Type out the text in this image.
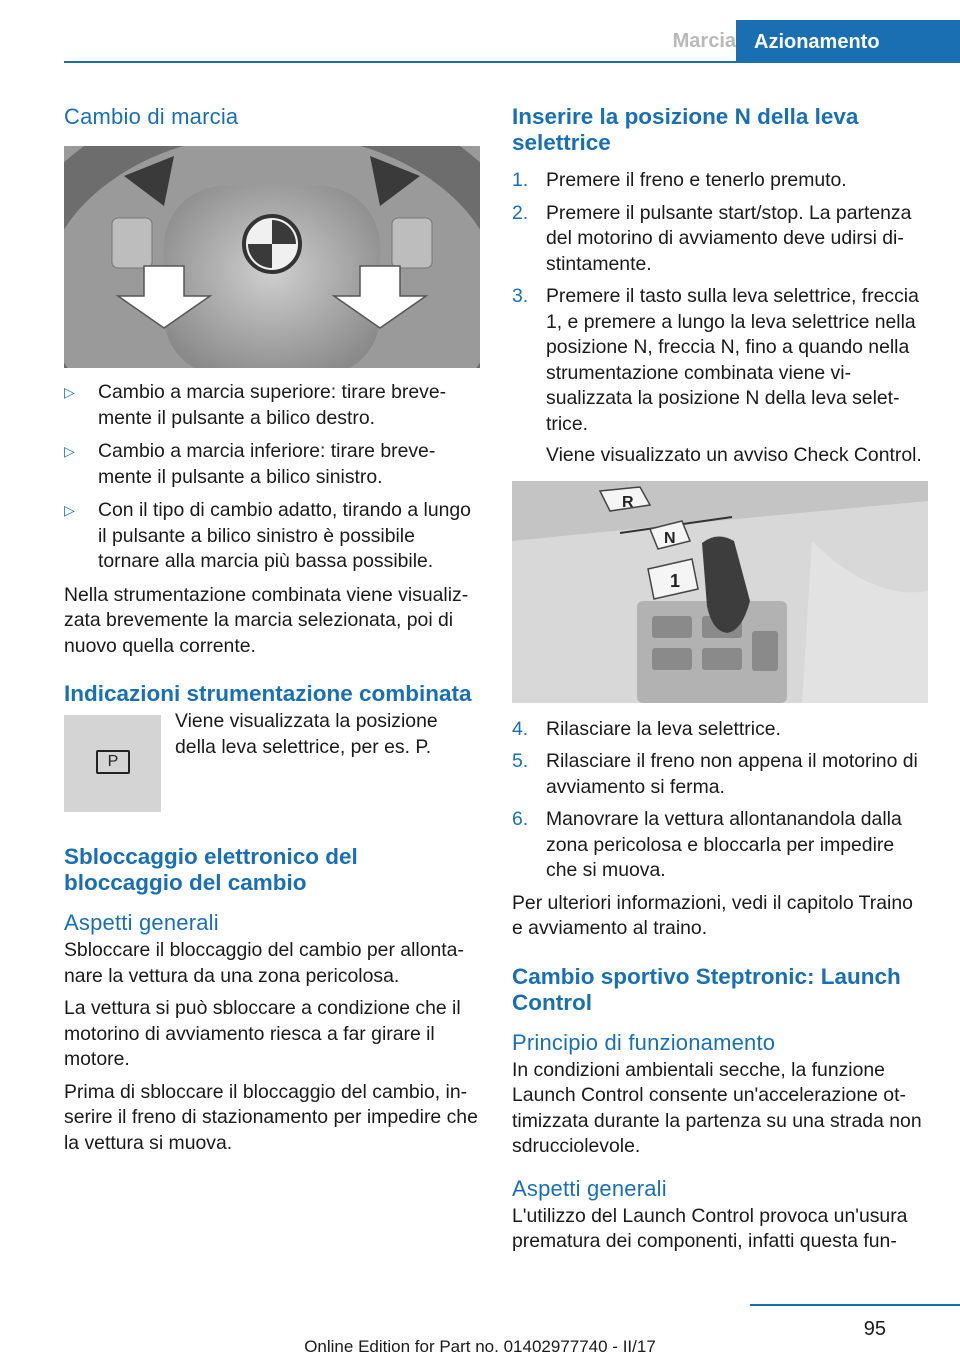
Marcia Azionamento
Cambio di marcia
▷ Cambio a marcia superiore: tirare brevemente il pulsante a bilico destro.
▷ Cambio a marcia inferiore: tirare brevemente il pulsante a bilico sinistro.
▷ Con il tipo di cambio adatto, tirando a lungo il pulsante a bilico sinistro è possibile tornare alla marcia più bassa possibile.

Nella strumentazione combinata viene visualizzata brevemente la marcia selezionata, poi di nuovo quella corrente.

Indicazioni strumentazione combinata
P
Viene visualizzata la posizione della leva selettrice, per es. P.
Sbloccaggio elettronico del bloccaggio del cambio
Aspetti generali

Sbloccare il bloccaggio del cambio per allontanare la vettura da una zona pericolosa.

La vettura si può sbloccare a condizione che il motorino di avviamento riesca a far girare il motore.

Prima di sbloccare il bloccaggio del cambio, inserire il freno di stazionamento per impedire che la vettura si muova.

Inserire la posizione N della leva selettrice
1. Premere il freno e tenerlo premuto.
2. Premere il pulsante start/stop. La partenza del motorino di avviamento deve udirsi distintamente.
3. Premere il tasto sulla leva selettrice, freccia 1, e premere a lungo la leva selettrice nella posizione N, freccia N, fino a quando nella strumentazione combinata viene visualizzata la posizione N della leva selettrice.
Viene visualizzato un avviso Check Control.
R
N
1
4. Rilasciare la leva selettrice.
5. Rilasciare il freno non appena il motorino di avviamento si ferma.
6. Manovrare la vettura allontanandola dalla zona pericolosa e bloccarla per impedire che si muova.

Per ulteriori informazioni, vedi il capitolo Traino e avviamento al traino.

Cambio sportivo Steptronic: Launch Control
Principio di funzionamento

In condizioni ambientali secche, la funzione Launch Control consente un'accelerazione ottimizzata durante la partenza su una strada non sdrucciolevole.

Aspetti generali

L'utilizzo del Launch Control provoca un'usura prematura dei componenti, infatti questa fun-

95
Online Edition for Part no. 01402977740 - II/17
